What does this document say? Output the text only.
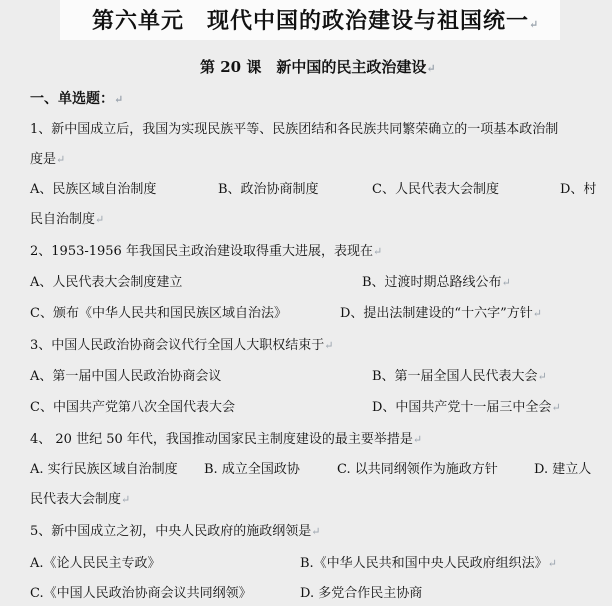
第六单元　现代中国的政治建设与祖国统一↵
第 20 课　新中国的民主政治建设↵
一、单选题：↵
1、新中国成立后，我国为实现民族平等、民族团结和各民族共同繁荣确立的一项基本政治制
度是↵
A、民族区域自治制度	B、政治协商制度	C、人民代表大会制度	D、村
民自治制度↵
2、1953-1956 年我国民主政治建设取得重大进展，表现在↵
A、人民代表大会制度建立	B、过渡时期总路线公布↵
C、颁布《中华人民共和国民族区域自治法》	D、提出法制建设的“十六字”方针↵
3、中国人民政治协商会议代行全国人大职权结束于↵
A、第一届中国人民政治协商会议	B、第一届全国人民代表大会↵
C、中国共产党第八次全国代表大会	D、中国共产党十一届三中全会↵
4、 20 世纪 50 年代，我国推动国家民主制度建设的最主要举措是↵
A. 实行民族区域自治制度 B. 成立全国政协	C. 以共同纲领作为施政方针	D. 建立人
民代表大会制度↵
5、新中国成立之初，中央人民政府的施政纲领是↵
A.《论人民民主专政》	B.《中华人民共和国中央人民政府组织法》↵
C.《中国人民政治协商会议共同纲领》	D. 多党合作民主协商
